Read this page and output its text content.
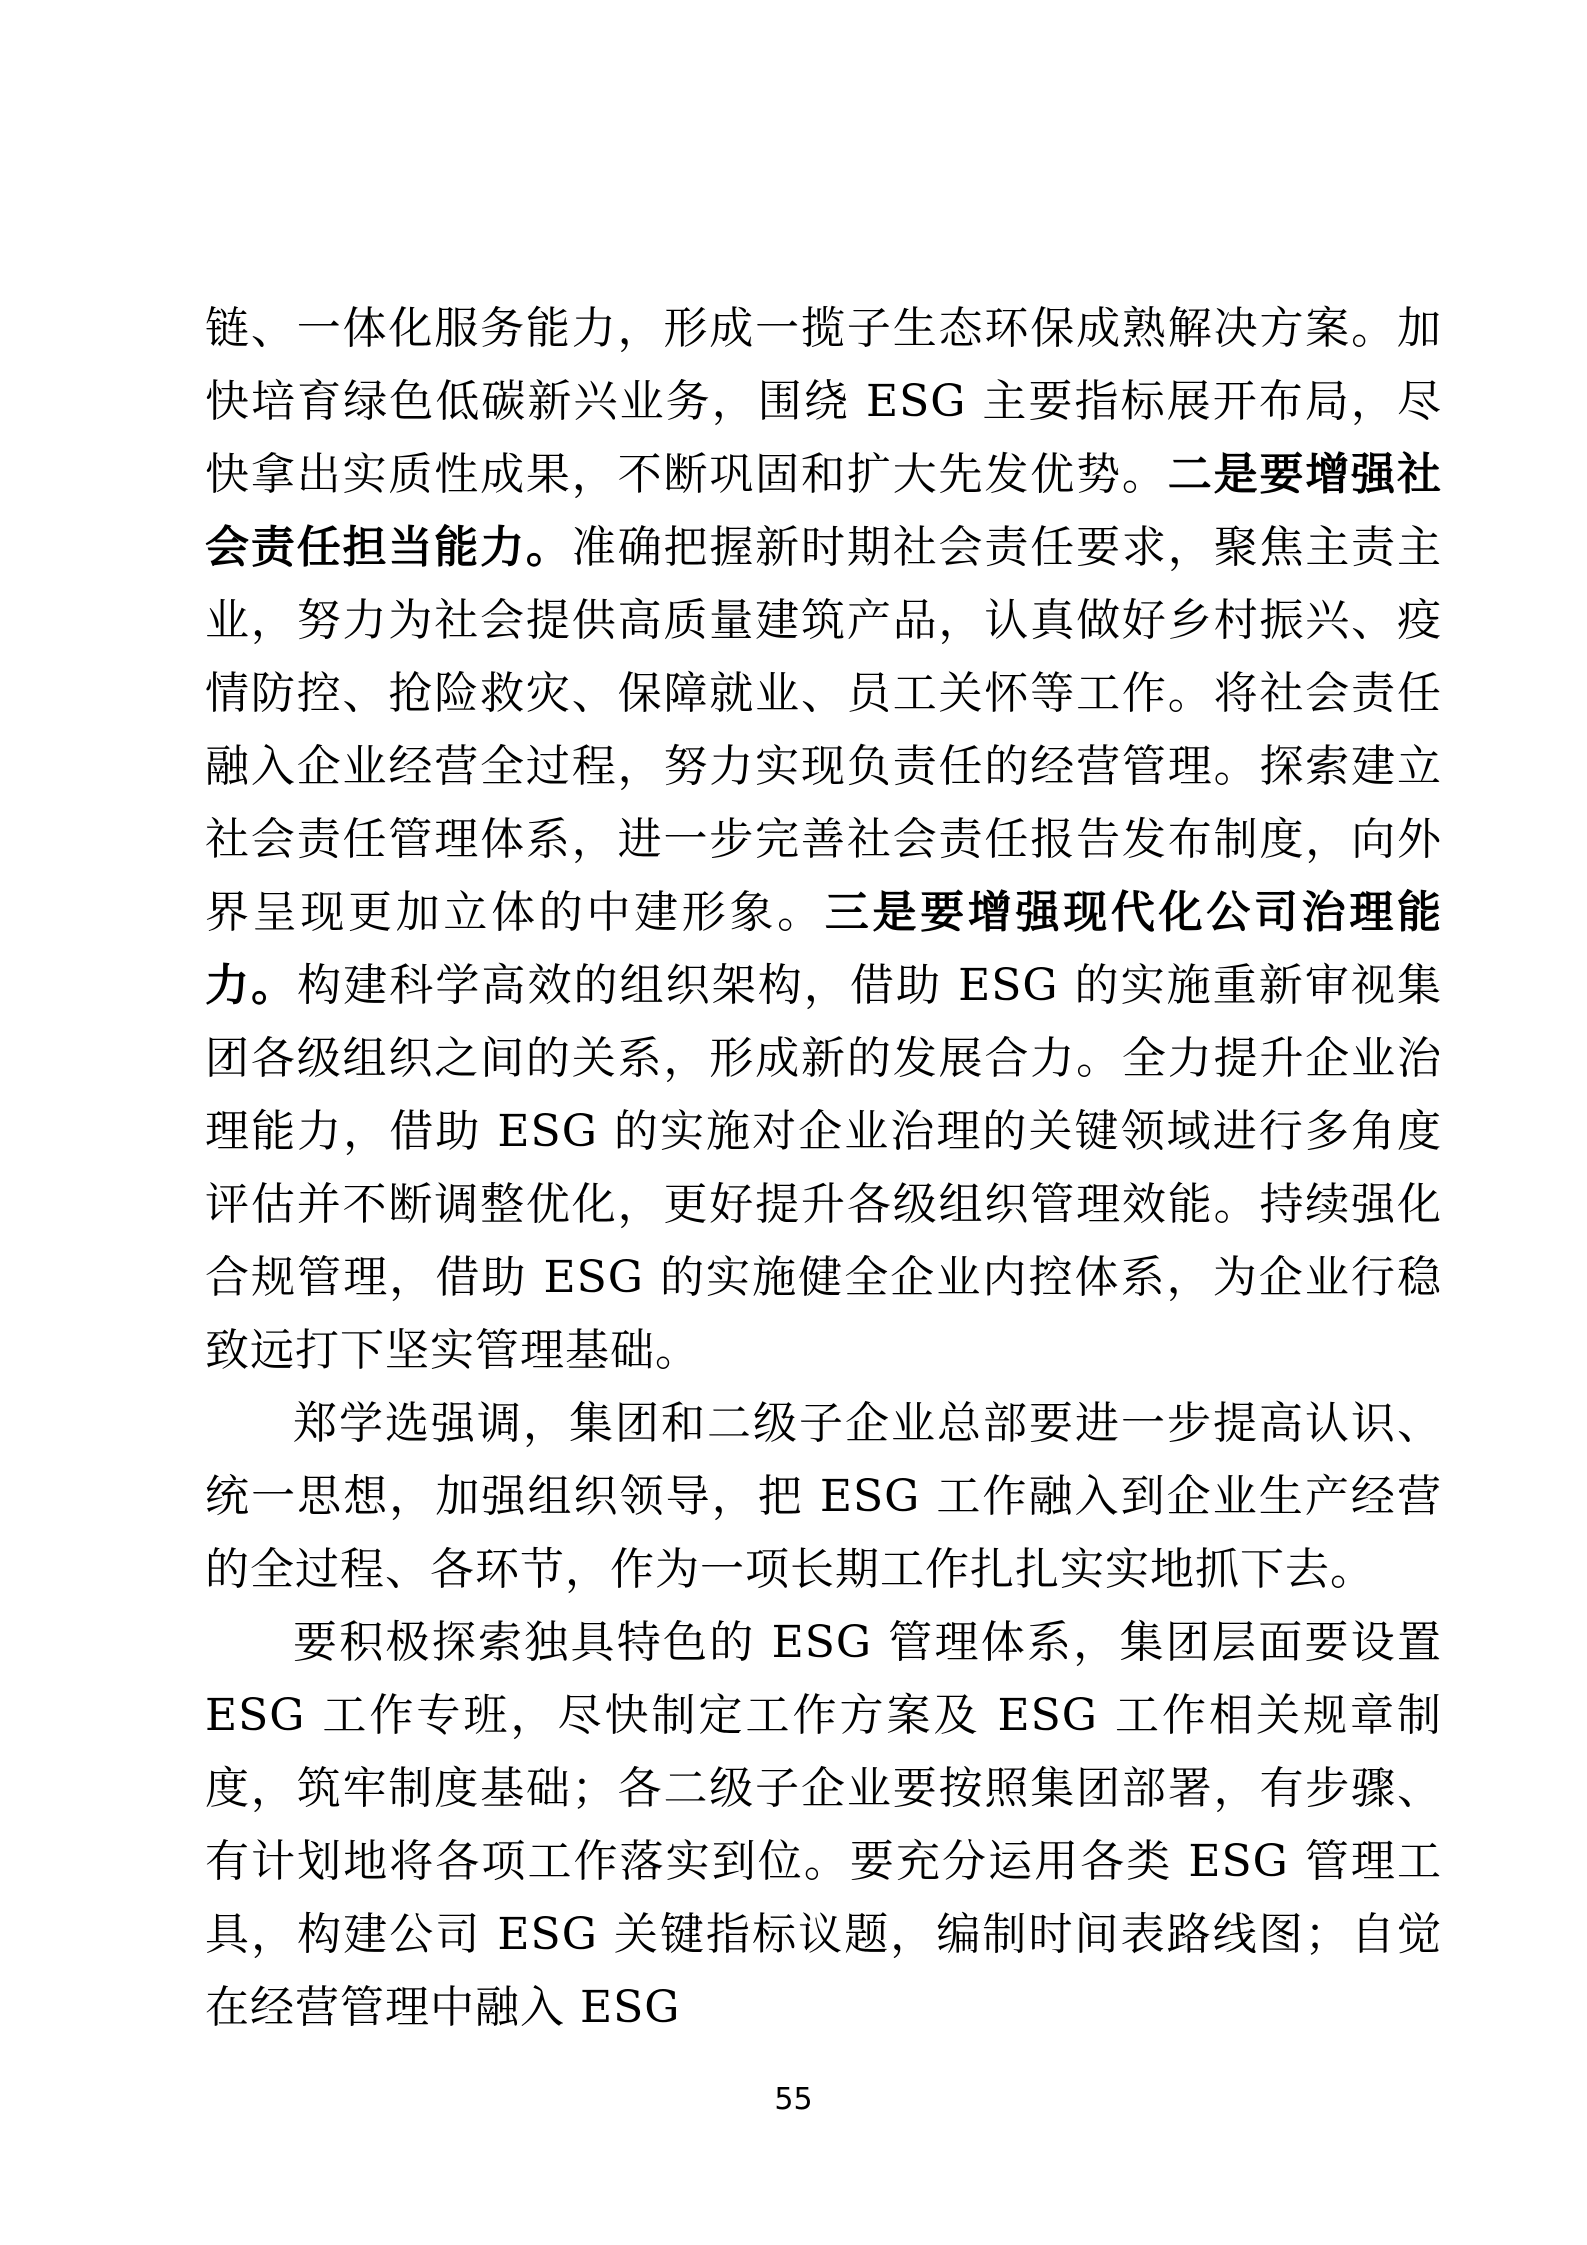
链、一体化服务能力，形成一揽子生态环保成熟解决方案。加快培育绿色低碳新兴业务，围绕 ESG 主要指标展开布局，尽快拿出实质性成果，不断巩固和扩大先发优势。二是要增强社会责任担当能力。准确把握新时期社会责任要求，聚焦主责主业，努力为社会提供高质量建筑产品，认真做好乡村振兴、疫情防控、抢险救灾、保障就业、员工关怀等工作。将社会责任融入企业经营全过程，努力实现负责任的经营管理。探索建立社会责任管理体系，进一步完善社会责任报告发布制度，向外界呈现更加立体的中建形象。三是要增强现代化公司治理能力。构建科学高效的组织架构，借助 ESG 的实施重新审视集团各级组织之间的关系，形成新的发展合力。全力提升企业治理能力，借助 ESG 的实施对企业治理的关键领域进行多角度评估并不断调整优化，更好提升各级组织管理效能。持续强化合规管理，借助 ESG 的实施健全企业内控体系，为企业行稳致远打下坚实管理基础。

郑学选强调，集团和二级子企业总部要进一步提高认识、统一思想，加强组织领导，把 ESG 工作融入到企业生产经营的全过程、各环节，作为一项长期工作扎扎实实地抓下去。

要积极探索独具特色的 ESG 管理体系，集团层面要设置 ESG 工作专班，尽快制定工作方案及 ESG 工作相关规章制度，筑牢制度基础；各二级子企业要按照集团部署，有步骤、有计划地将各项工作落实到位。要充分运用各类 ESG 管理工具，构建公司 ESG 关键指标议题，编制时间表路线图；自觉在经营管理中融入 ESG

55
